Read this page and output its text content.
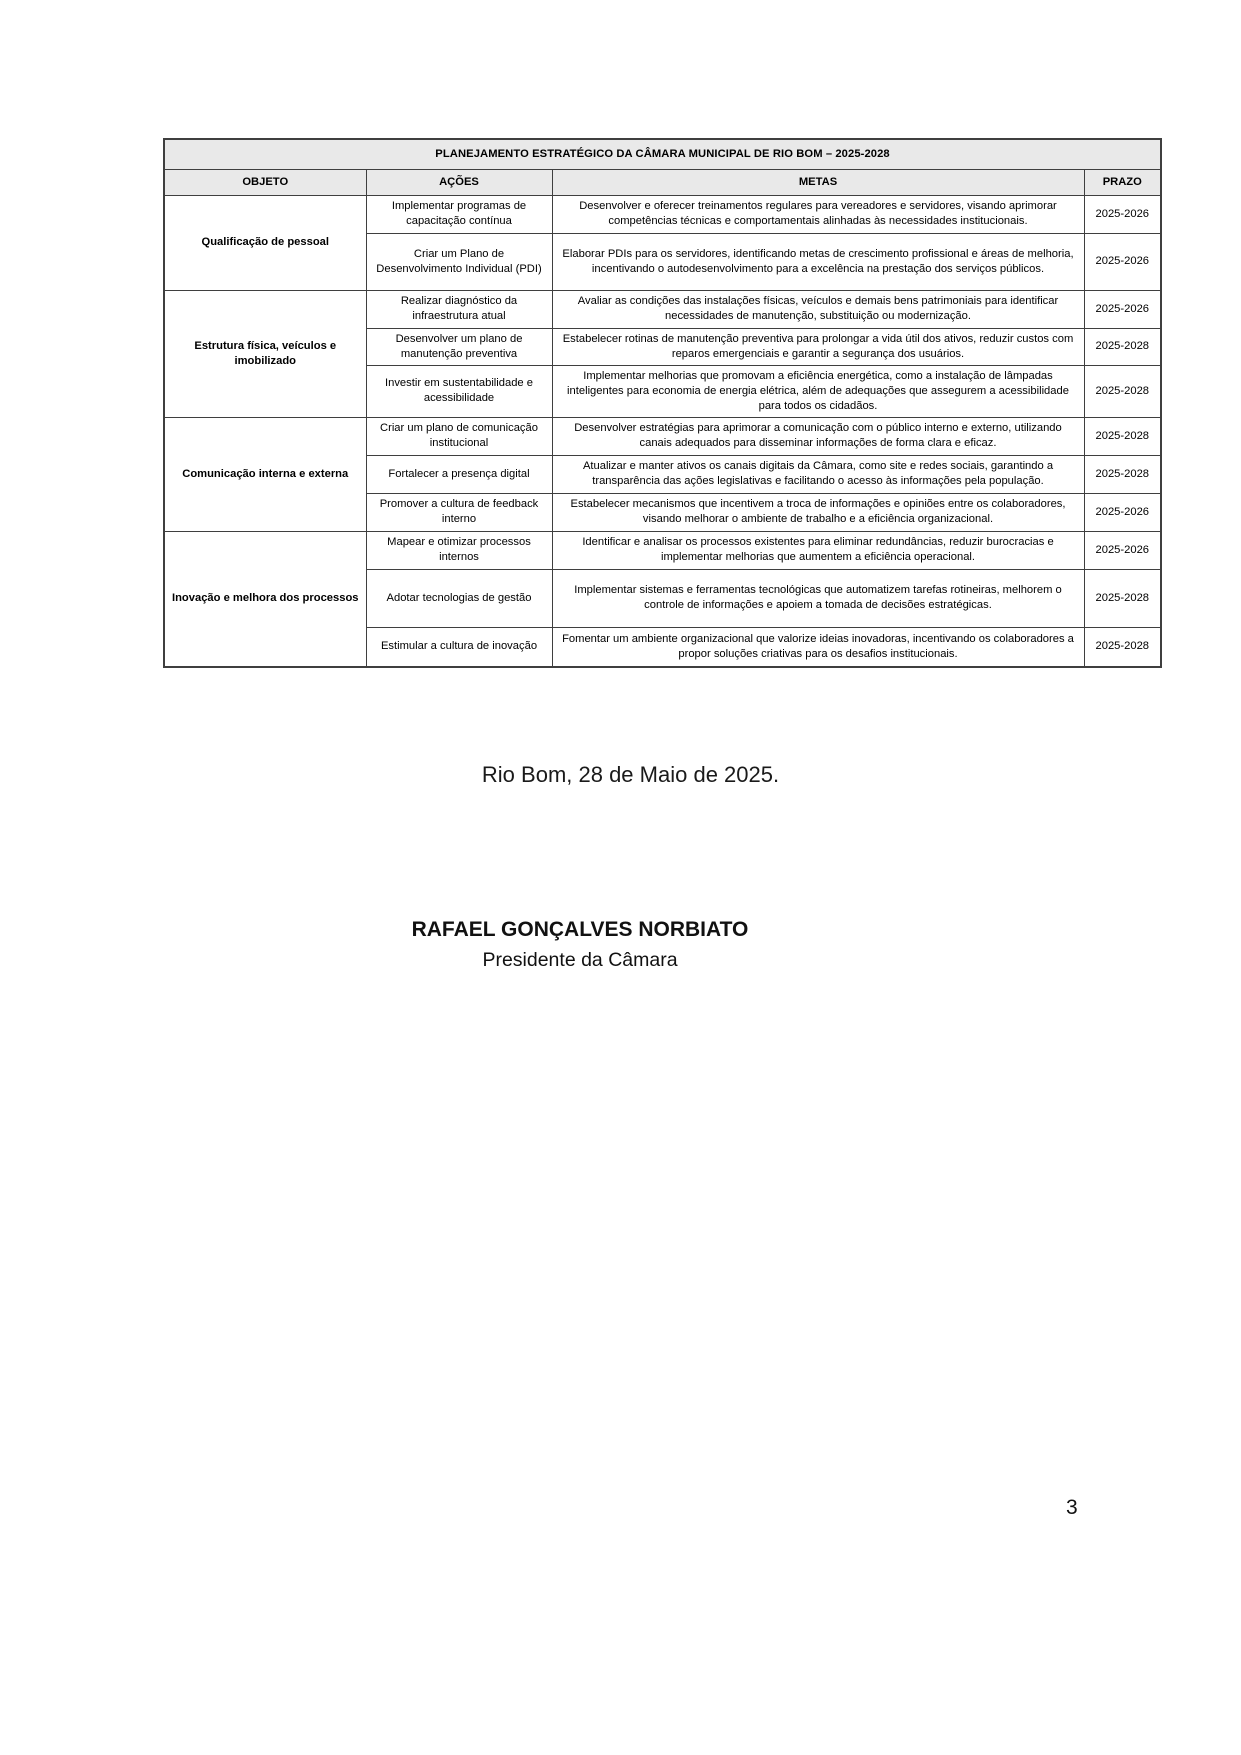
PLANEJAMENTO ESTRATÉGICO DA CÂMARA MUNICIPAL DE RIO BOM – 2025-2028			
OBJETO	AÇÕES	METAS	PRAZO
Qualificação de pessoal	Implementar programas de capacitação contínua	Desenvolver e oferecer treinamentos regulares para vereadores e servidores, visando aprimorar competências técnicas e comportamentais alinhadas às necessidades institucionais.	2025-2026
	Criar um Plano de Desenvolvimento Individual (PDI)	Elaborar PDIs para os servidores, identificando metas de crescimento profissional e áreas de melhoria, incentivando o autodesenvolvimento para a excelência na prestação dos serviços públicos.	2025-2026
Estrutura física, veículos e imobilizado	Realizar diagnóstico da infraestrutura atual	Avaliar as condições das instalações físicas, veículos e demais bens patrimoniais para identificar necessidades de manutenção, substituição ou modernização.	2025-2026
	Desenvolver um plano de manutenção preventiva	Estabelecer rotinas de manutenção preventiva para prolongar a vida útil dos ativos, reduzir custos com reparos emergenciais e garantir a segurança dos usuários.	2025-2028
	Investir em sustentabilidade e acessibilidade	Implementar melhorias que promovam a eficiência energética, como a instalação de lâmpadas inteligentes para economia de energia elétrica, além de adequações que assegurem a acessibilidade para todos os cidadãos.	2025-2028
Comunicação interna e externa	Criar um plano de comunicação institucional	Desenvolver estratégias para aprimorar a comunicação com o público interno e externo, utilizando canais adequados para disseminar informações de forma clara e eficaz.	2025-2028
	Fortalecer a presença digital	Atualizar e manter ativos os canais digitais da Câmara, como site e redes sociais, garantindo a transparência das ações legislativas e facilitando o acesso às informações pela população.	2025-2028
	Promover a cultura de feedback interno	Estabelecer mecanismos que incentivem a troca de informações e opiniões entre os colaboradores, visando melhorar o ambiente de trabalho e a eficiência organizacional.	2025-2026
Inovação e melhora dos processos	Mapear e otimizar processos internos	Identificar e analisar os processos existentes para eliminar redundâncias, reduzir burocracias e implementar melhorias que aumentem a eficiência operacional.	2025-2026
	Adotar tecnologias de gestão	Implementar sistemas e ferramentas tecnológicas que automatizem tarefas rotineiras, melhorem o controle de informações e apoiem a tomada de decisões estratégicas.	2025-2028
	Estimular a cultura de inovação	Fomentar um ambiente organizacional que valorize ideias inovadoras, incentivando os colaboradores a propor soluções criativas para os desafios institucionais.	2025-2028
Rio Bom, 28 de Maio de 2025.
RAFAEL GONÇALVES NORBIATO
Presidente da Câmara
3
